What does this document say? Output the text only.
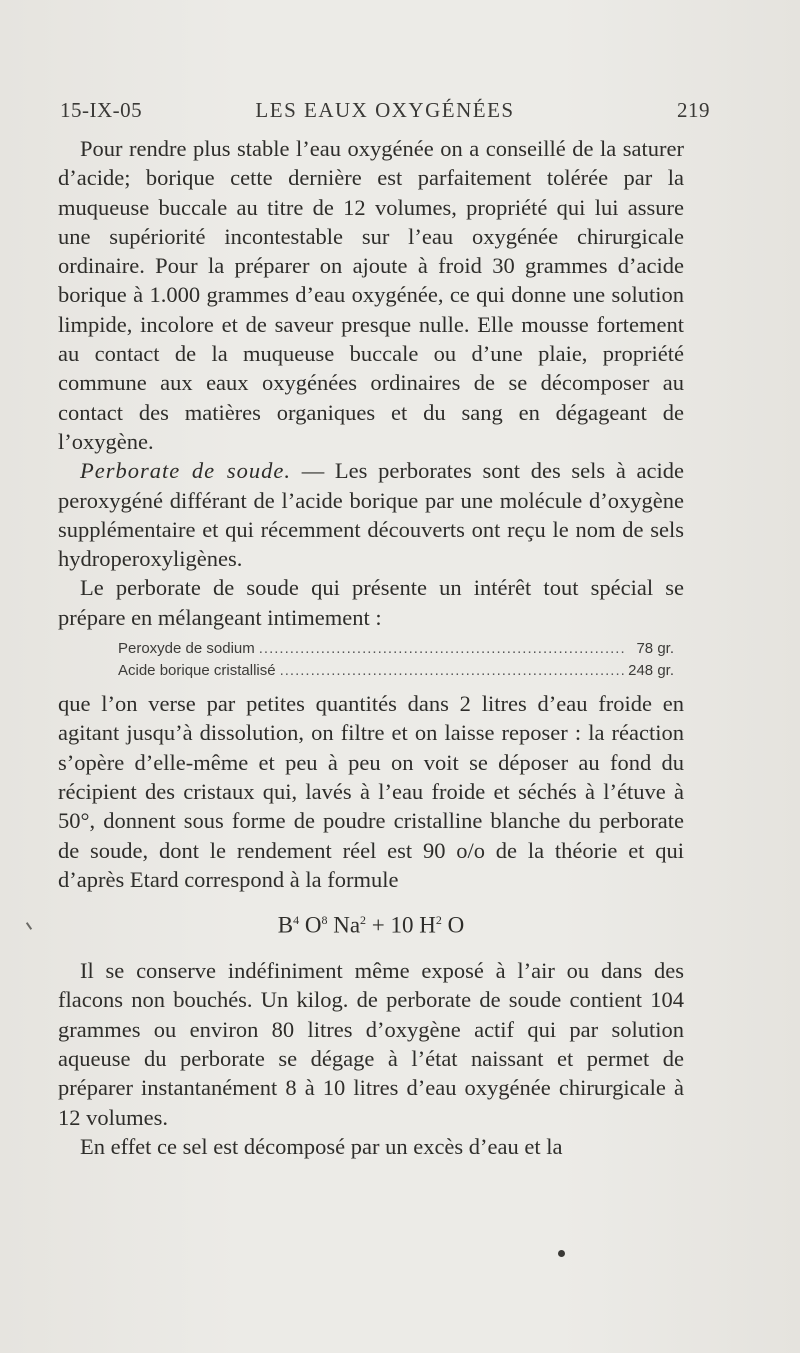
15-IX-05	LES EAUX OXYGÉNÉES	219

Pour rendre plus stable l’eau oxygénée on a conseillé de la saturer d’acide; borique cette dernière est parfaitement tolérée par la muqueuse buccale au titre de 12 volumes, propriété qui lui assure une supériorité incontestable sur l’eau oxygénée chirurgicale ordinaire. Pour la préparer on ajoute à froid 30 grammes d’acide borique à 1.000 grammes d’eau oxygénée, ce qui donne une solution limpide, incolore et de saveur presque nulle. Elle mousse fortement au contact de la muqueuse buccale ou d’une plaie, propriété commune aux eaux oxygénées ordinaires de se décomposer au contact des matières organiques et du sang en dégageant de l’oxygène.

Perborate de soude. — Les perborates sont des sels à acide peroxygéné différant de l’acide borique par une molécule d’oxygène supplémentaire et qui récemment découverts ont reçu le nom de sels hydroperoxyligènes.

Le perborate de soude qui présente un intérêt tout spécial se prépare en mélangeant intimement :

Peroxyde de sodium .....	78 gr.
Acide borique cristallisé .....	248 gr.

que l’on verse par petites quantités dans 2 litres d’eau froide en agitant jusqu’à dissolution, on filtre et on laisse reposer : la réaction s’opère d’elle-même et peu à peu on voit se déposer au fond du récipient des cristaux qui, lavés à l’eau froide et séchés à l’étuve à 50°, donnent sous forme de poudre cristalline blanche du perborate de soude, dont le rendement réel est 90 o/o de la théorie et qui d’après Etard correspond à la formule

$B^4$ $O^8$ $Na^2 + 10$ $H^2$ O

Il se conserve indéfiniment même exposé à l’air ou dans des flacons non bouchés. Un kilog. de perborate de soude contient 104 grammes ou environ 80 litres d’oxygène actif qui par solution aqueuse du perborate se dégage à l’état naissant et permet de préparer instantanément 8 à 10 litres d’eau oxygénée chirurgicale à 12 volumes.

En effet ce sel est décomposé par un excès d’eau et la
